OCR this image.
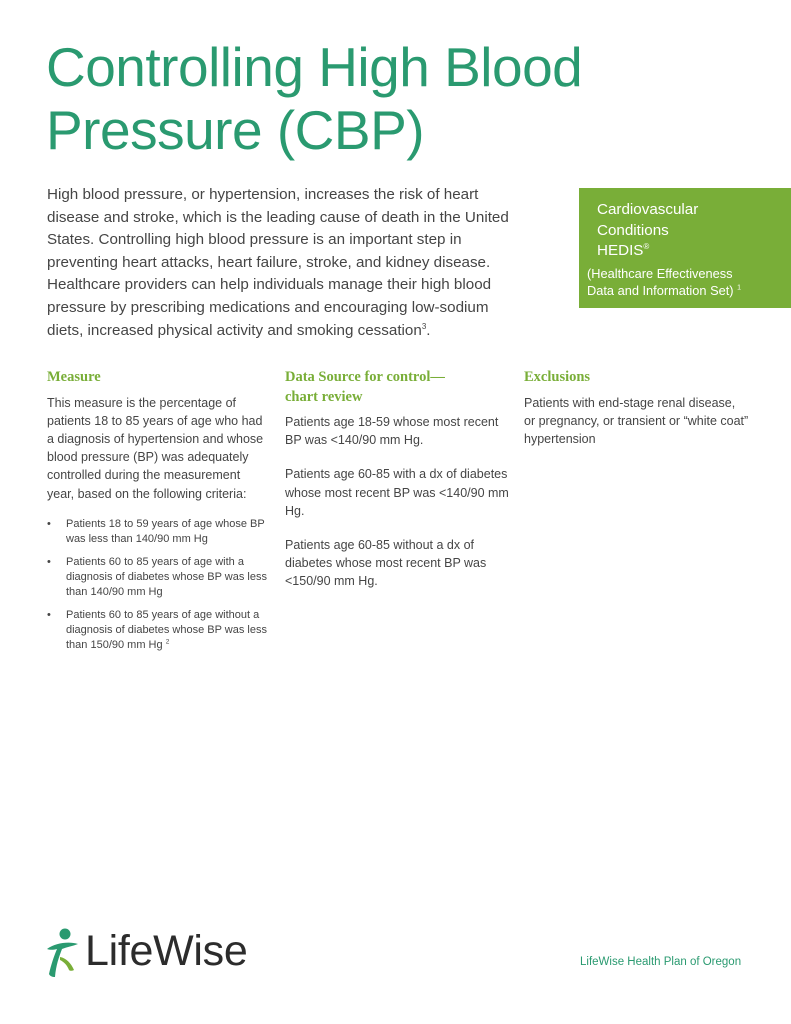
Controlling High Blood
Pressure (CBP)

High blood pressure, or hypertension, increases the risk of heart disease and stroke, which is the leading cause of death in the United States. Controlling high blood pressure is an important step in preventing heart attacks, heart failure, stroke, and kidney disease. Healthcare providers can help individuals manage their high blood pressure by prescribing medications and encouraging low-sodium diets, increased physical activity and smoking cessation$^3$.

Cardiovascular
Conditions
HEDIS®
(Healthcare Effectiveness
Data and Information Set) $^1$
Measure

This measure is the percentage of patients 18 to 85 years of age who had a diagnosis of hypertension and whose blood pressure (BP) was adequately controlled during the measurement year, based on the following criteria:

• Patients 18 to 59 years of age whose BP was less than 140/90 mm Hg
• Patients 60 to 85 years of age with a diagnosis of diabetes whose BP was less than 140/90 mm Hg
• Patients 60 to 85 years of age without a diagnosis of diabetes whose BP was less than 150/90 mm Hg $^2$
Data Source for control—
chart review

Patients age 18-59 whose most recent BP was <140/90 mm Hg.

Patients age 60-85 with a dx of diabetes whose most recent BP was <140/90 mm Hg.

Patients age 60-85 without a dx of diabetes whose most recent BP was <150/90 mm Hg.

Exclusions

Patients with end-stage renal disease, or pregnancy, or transient or “white coat” hypertension

LifeWise	LifeWise Health Plan of Oregon
